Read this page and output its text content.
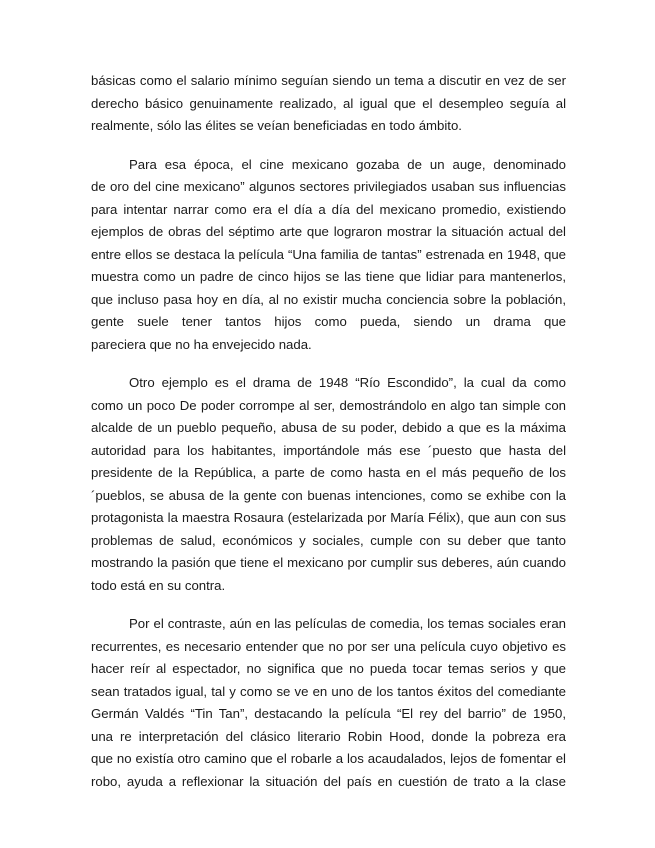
básicas como el salario mínimo seguían siendo un tema a discutir en vez de ser
derecho básico genuinamente realizado, al igual que el desempleo seguía al
realmente, sólo las élites se veían beneficiadas en todo ámbito.
Para esa época, el cine mexicano gozaba de un auge, denominado
de oro del cine mexicano” algunos sectores privilegiados usaban sus influencias
para intentar narrar como era el día a día del mexicano promedio, existiendo
ejemplos de obras del séptimo arte que lograron mostrar la situación actual del
entre ellos se destaca la película “Una familia de tantas” estrenada en 1948, que
muestra como un padre de cinco hijos se las tiene que lidiar para mantenerlos,
que incluso pasa hoy en día, al no existir mucha conciencia sobre la población,
gente suele tener tantos hijos como pueda, siendo un drama que
pareciera que no ha envejecido nada.
Otro ejemplo es el drama de 1948 “Río Escondido”, la cual da como
como un poco De poder corrompe al ser, demostrándolo en algo tan simple con
alcalde de un pueblo pequeño, abusa de su poder, debido a que es la máxima
autoridad para los habitantes, importándole más ese ´puesto que hasta del
presidente de la República, a parte de como hasta en el más pequeño de los
´pueblos, se abusa de la gente con buenas intenciones, como se exhibe con la
protagonista la maestra Rosaura (estelarizada por María Félix), que aun con sus
problemas de salud, económicos y sociales, cumple con su deber que tanto
mostrando la pasión que tiene el mexicano por cumplir sus deberes, aún cuando
todo está en su contra.
Por el contraste, aún en las películas de comedia, los temas sociales eran
recurrentes, es necesario entender que no por ser una película cuyo objetivo es
hacer reír al espectador, no significa que no pueda tocar temas serios y que
sean tratados igual, tal y como se ve en uno de los tantos éxitos del comediante
Germán Valdés “Tin Tan”, destacando la película “El rey del barrio” de 1950,
una re interpretación del clásico literario Robin Hood, donde la pobreza era
que no existía otro camino que el robarle a los acaudalados, lejos de fomentar el
robo, ayuda a reflexionar la situación del país en cuestión de trato a la clase
